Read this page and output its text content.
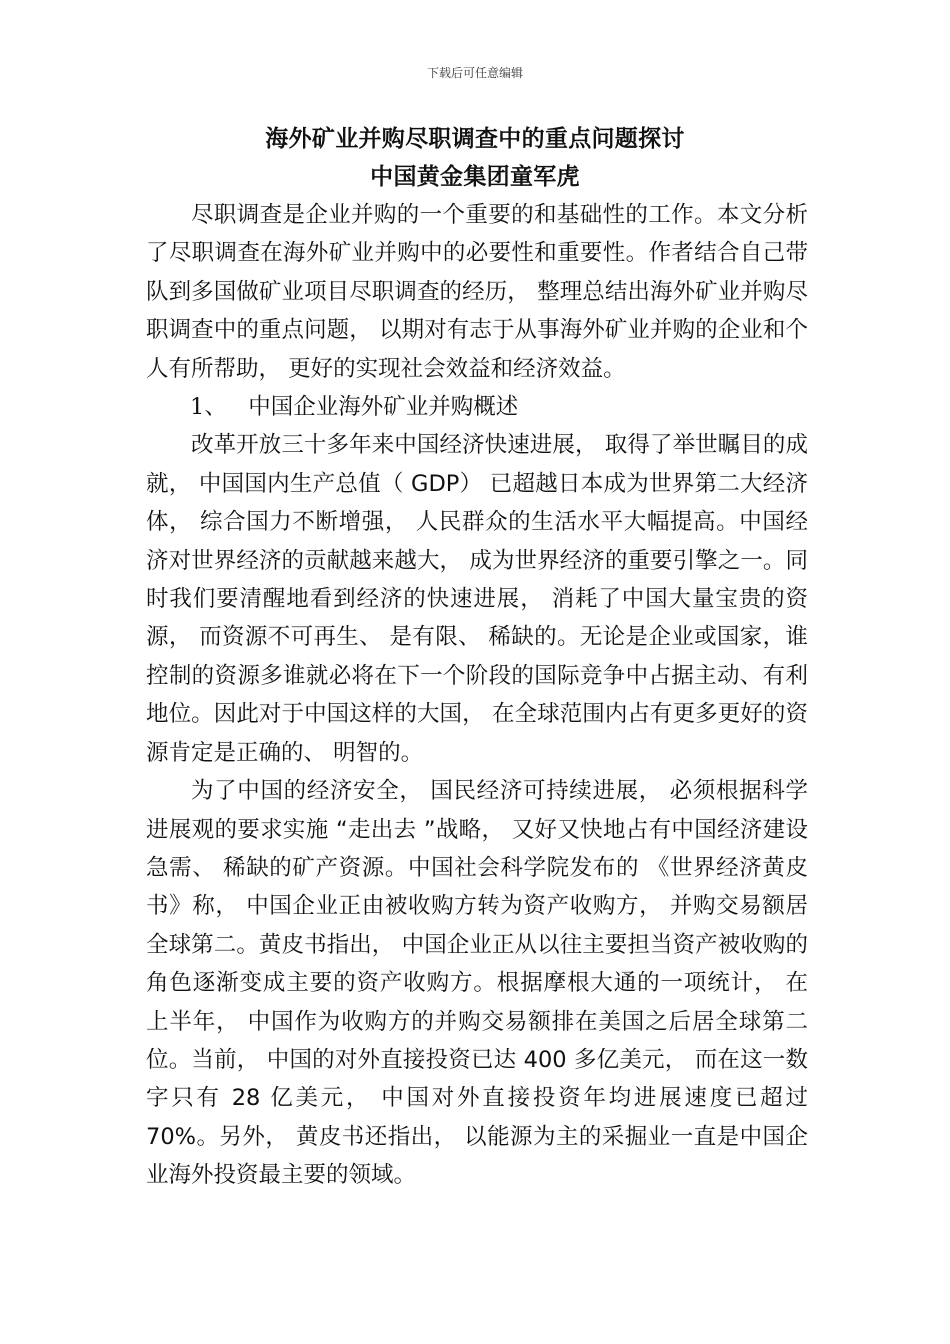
下载后可任意编辑
海外矿业并购尽职调查中的重点问题探讨
中国黄金集团童军虎

尽职调查是企业并购的一个重要的和基础性的工作。本文分析了尽职调查在海外矿业并购中的必要性和重要性。作者结合自己带队到多国做矿业项目尽职调查的经历， 整理总结出海外矿业并购尽职调查中的重点问题， 以期对有志于从事海外矿业并购的企业和个人有所帮助， 更好的实现社会效益和经济效益。

1、 中国企业海外矿业并购概述

改革开放三十多年来中国经济快速进展， 取得了举世瞩目的成就， 中国国内生产总值（ GDP） 已超越日本成为世界第二大经济体， 综合国力不断增强， 人民群众的生活水平大幅提高。中国经济对世界经济的贡献越来越大， 成为世界经济的重要引擎之一。同时我们要清醒地看到经济的快速进展， 消耗了中国大量宝贵的资源， 而资源不可再生、 是有限、 稀缺的。无论是企业或国家，谁控制的资源多谁就必将在下一个阶段的国际竞争中占据主动、有利地位。因此对于中国这样的大国， 在全球范围内占有更多更好的资源肯定是正确的、 明智的。

为了中国的经济安全， 国民经济可持续进展， 必须根据科学进展观的要求实施 “走出去 ”战略， 又好又快地占有中国经济建设急需、 稀缺的矿产资源。中国社会科学院发布的 《世界经济黄皮书》称， 中国企业正由被收购方转为资产收购方， 并购交易额居全球第二。黄皮书指出， 中国企业正从以往主要担当资产被收购的角色逐渐变成主要的资产收购方。根据摩根大通的一项统计， 在 上半年， 中国作为收购方的并购交易额排在美国之后居全球第二位。当前， 中国的对外直接投资已达 400 多亿美元， 而在这一数字只有 28 亿美元， 中国对外直接投资年均进展速度已超过 70%。另外， 黄皮书还指出， 以能源为主的采掘业一直是中国企业海外投资最主要的领域。
